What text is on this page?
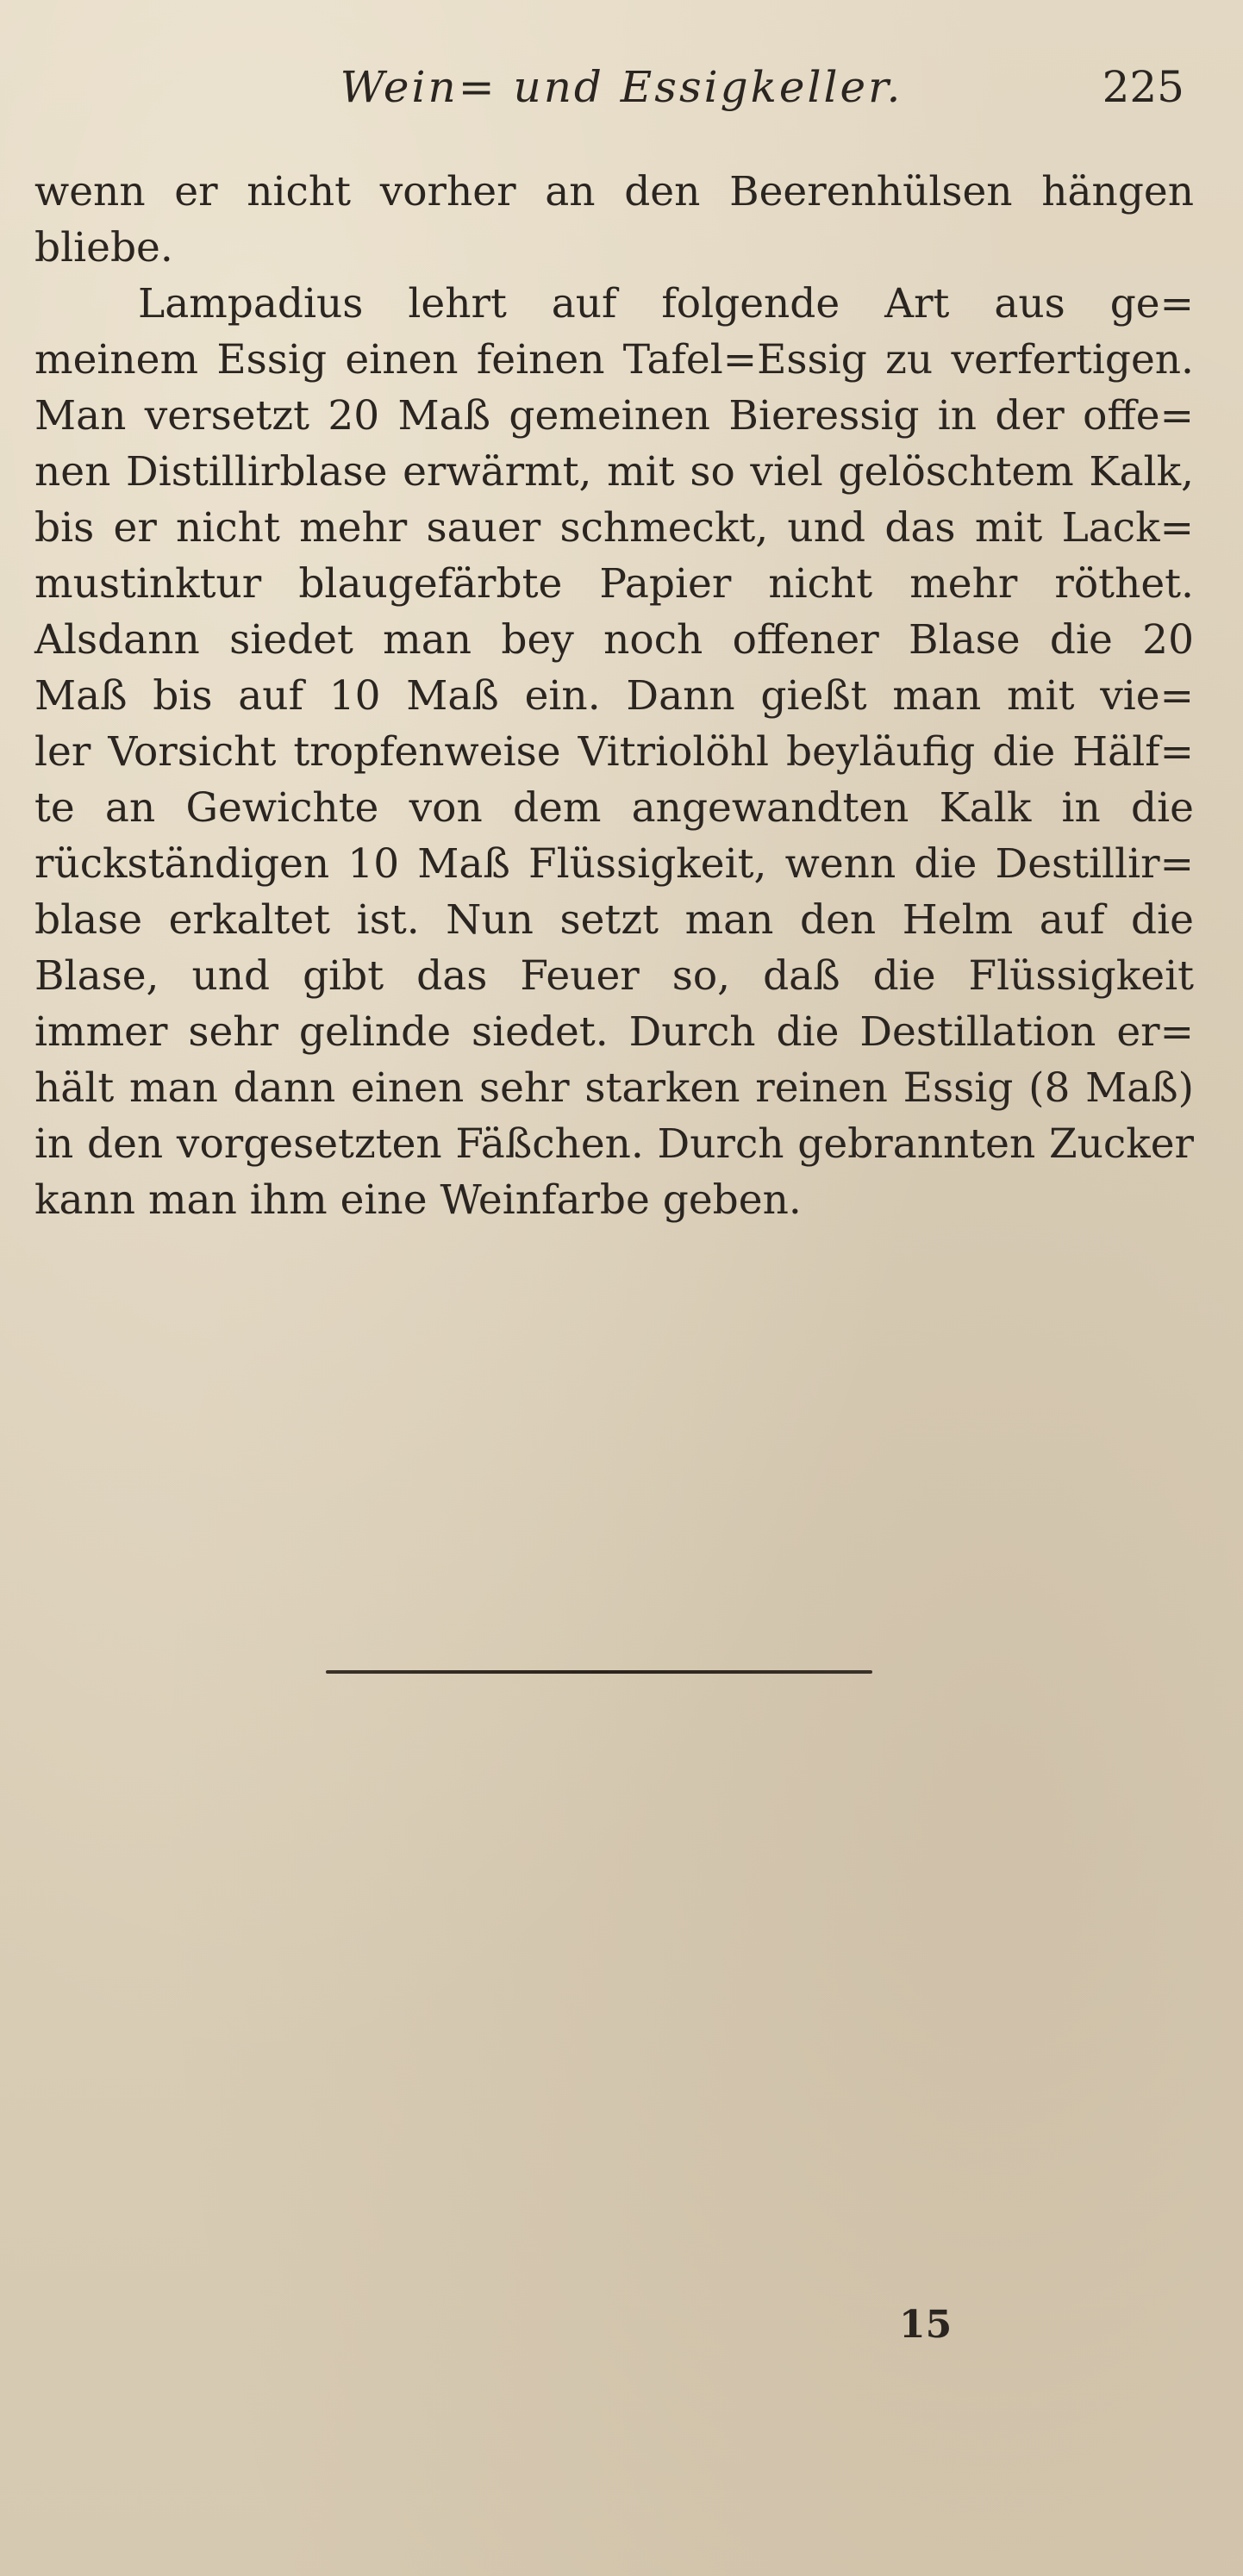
Wein= und Essigkeller.	225
wenn er nicht vorher an den Beerenhülsen hängen
bliebe.
Lampadius lehrt auf folgende Art aus ge=
meinem Essig einen feinen Tafel=Essig zu verfertigen.
Man versetzt 20 Maß gemeinen Bieressig in der offe=
nen Distillirblase erwärmt, mit so viel gelöschtem Kalk,
bis er nicht mehr sauer schmeckt, und das mit Lack=
mustinktur blaugefärbte Papier nicht mehr röthet.
Alsdann siedet man bey noch offener Blase die 20
Maß bis auf 10 Maß ein. Dann gießt man mit vie=
ler Vorsicht tropfenweise Vitriolöhl beyläufig die Hälf=
te an Gewichte von dem angewandten Kalk in die
rückständigen 10 Maß Flüssigkeit, wenn die Destillir=
blase erkaltet ist. Nun setzt man den Helm auf die
Blase, und gibt das Feuer so, daß die Flüssigkeit
immer sehr gelinde siedet. Durch die Destillation er=
hält man dann einen sehr starken reinen Essig (8 Maß)
in den vorgesetzten Fäßchen. Durch gebrannten Zucker
kann man ihm eine Weinfarbe geben.
15
